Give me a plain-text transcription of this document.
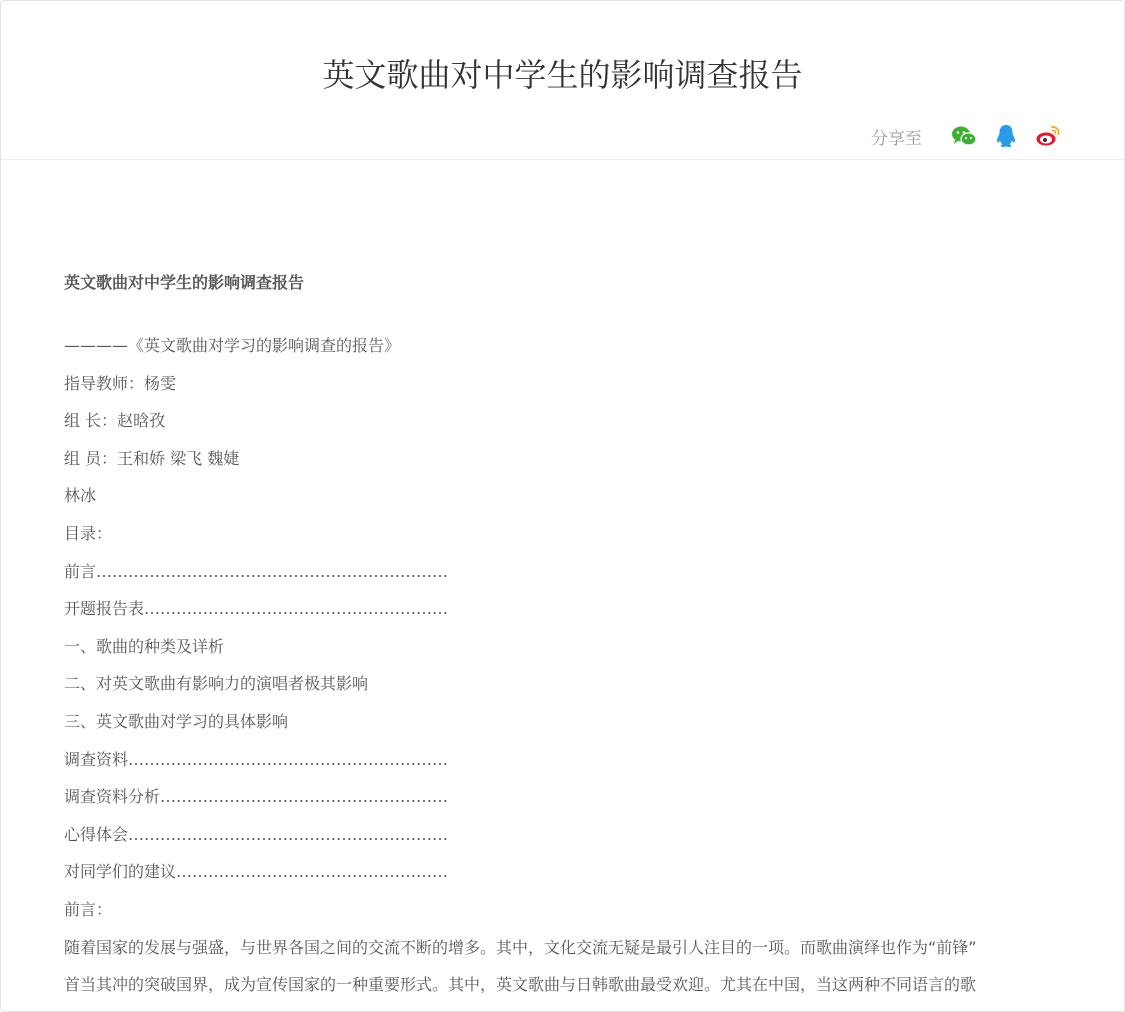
英文歌曲对中学生的影响调查报告
分享至
英文歌曲对中学生的影响调查报告
————《英文歌曲对学习的影响调查的报告》
指导教师：杨雯
组 长：赵晗孜
组 员：王和娇 梁飞 魏婕
林冰
目录：
前言…………………………………………………………
开题报告表…………………………………………………
一、歌曲的种类及详析
二、对英文歌曲有影响力的演唱者极其影响
三、英文歌曲对学习的具体影响
调查资料……………………………………………………
调查资料分析………………………………………………
心得体会……………………………………………………
对同学们的建议……………………………………………
前言：
随着国家的发展与强盛，与世界各国之间的交流不断的增多。其中，文化交流无疑是最引人注目的一项。而歌曲演绎也作为“前锋”
首当其冲的突破国界，成为宣传国家的一种重要形式。其中，英文歌曲与日韩歌曲最受欢迎。尤其在中国，当这两种不同语言的歌
